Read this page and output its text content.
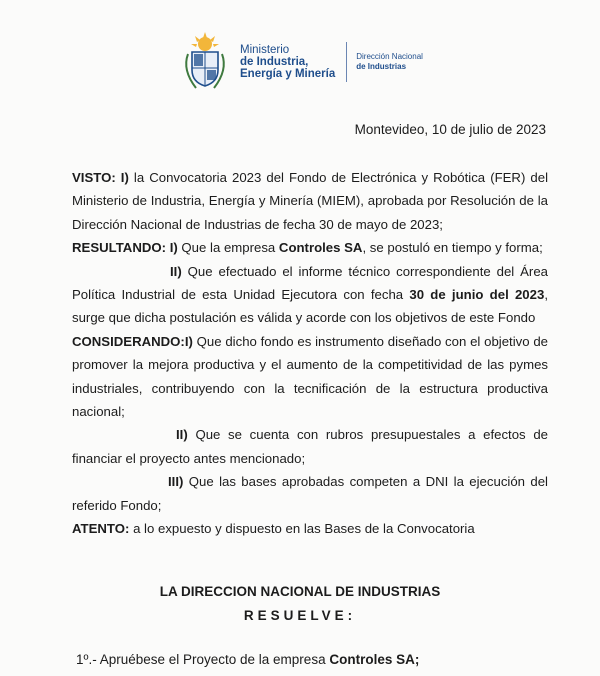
Ministerio
de Industria,
Energía y Minería
Dirección Nacional
de Industrias
Montevideo, 10 de julio de 2023

VISTO: I) la Convocatoria 2023 del Fondo de Electrónica y Robótica (FER) del Ministerio de Industria, Energía y Minería (MIEM), aprobada por Resolución de la Dirección Nacional de Industrias de fecha 30 de mayo de 2023;

RESULTANDO: I) Que la empresa Controles SA, se postuló en tiempo y forma;

II) Que efectuado el informe técnico correspondiente del Área Política Industrial de esta Unidad Ejecutora con fecha 30 de junio del 2023, surge que dicha postulación es válida y acorde con los objetivos de este Fondo

CONSIDERANDO:I) Que dicho fondo es instrumento diseñado con el objetivo de promover la mejora productiva y el aumento de la competitividad de las pymes industriales, contribuyendo con la tecnificación de la estructura productiva nacional;

II) Que se cuenta con rubros presupuestales a efectos de financiar el proyecto antes mencionado;

III) Que las bases aprobadas competen a DNI la ejecución del referido Fondo;

ATENTO: a lo expuesto y dispuesto en las Bases de la Convocatoria

LA DIRECCION NACIONAL DE INDUSTRIAS
RESUELVE:
1º.- Apruébese el Proyecto de la empresa Controles SA;
